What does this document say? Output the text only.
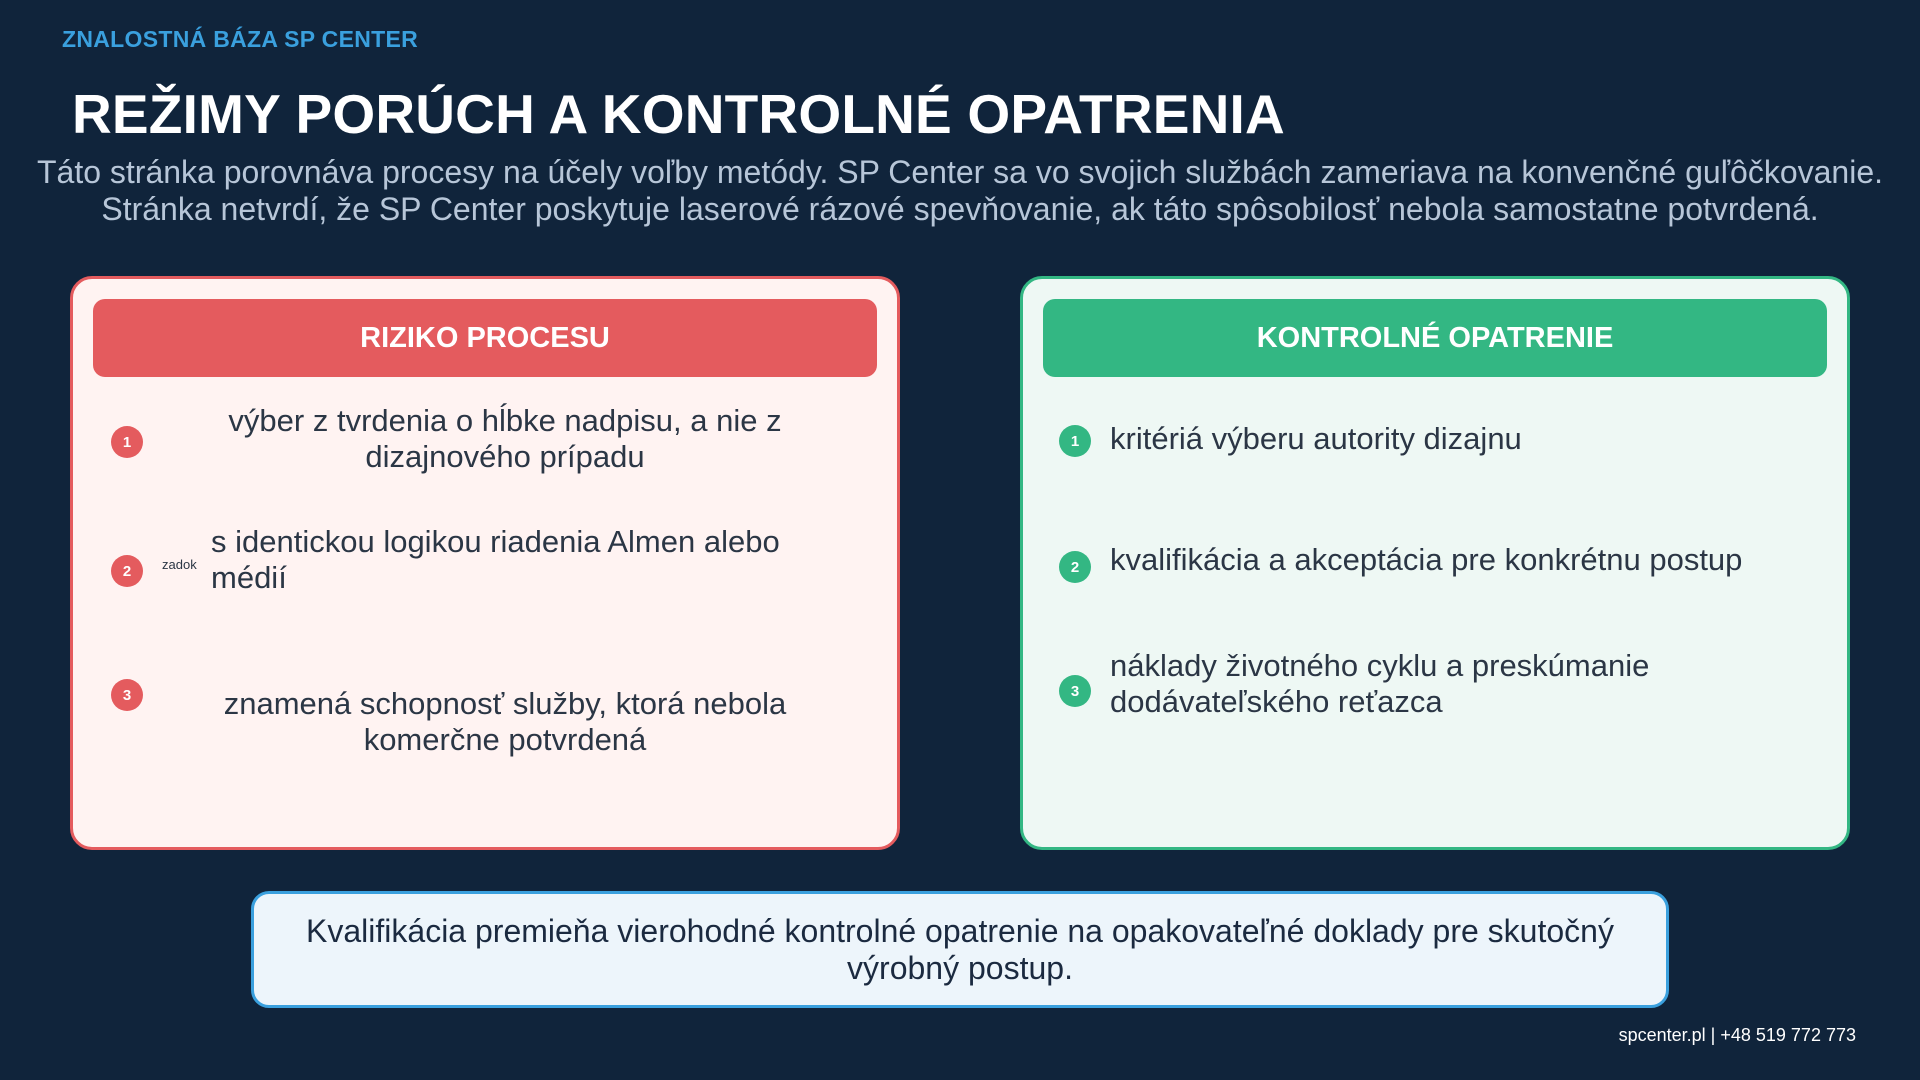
ZNALOSTNÁ BÁZA SP CENTER
REŽIMY PORÚCH A KONTROLNÉ OPATRENIA

Táto stránka porovnáva procesy na účely voľby metódy. SP Center sa vo svojich službách zameriava na konvenčné guľôčkovanie. Stránka netvrdí, že SP Center poskytuje laserové rázové spevňovanie, ak táto spôsobilosť nebola samostatne potvrdená.

RIZIKO PROCESU
1
výber z tvrdenia o hĺbke nadpisu, a nie z dizajnového prípadu
2	zadok
s identickou logikou riadenia Almen alebo médií
3	znamená schopnosť služby, ktorá nebola komerčne potvrdená
KONTROLNÉ OPATRENIE
1 kritériá výberu autority dizajnu
2 kvalifikácia a akceptácia pre konkrétnu postup
3
náklady životného cyklu a preskúmanie dodávateľského reťazca
Kvalifikácia premieňa vierohodné kontrolné opatrenie na opakovateľné doklady pre skutočný výrobný postup.
spcenter.pl | +48 519 772 773
